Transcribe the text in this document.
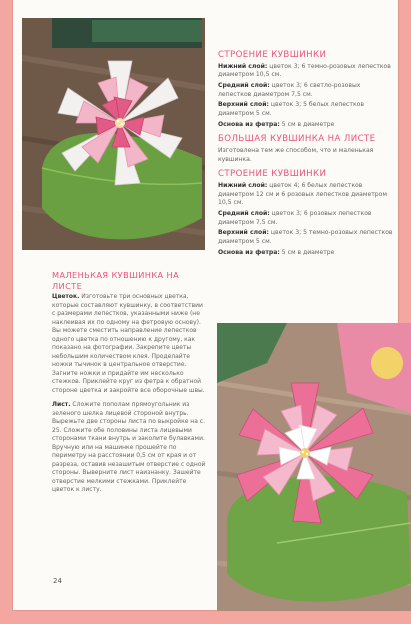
СТРОЕНИЕ КУВШИНКИ
Нижний слой: цветок 3; 6 темно-розовых лепестков диаметром 10,5 см.
Средний слой: цветок 3; 6 светло-розовых лепестков диаметром 7,5 см.
Верхний слой: цветок 3; 5 белых лепестков диаметром 5 см.
Основа из фетра: 5 см в диаметре
БОЛЬШАЯ КУВШИНКА НА ЛИСТЕ
Изготовлена тем же способом, что и маленькая кувшинка.
СТРОЕНИЕ КУВШИНКИ
Нижний слой: цветок 4; 6 белых лепестков диаметром 12 см и 6 розовых лепестков диаметром 10,5 см.
Средний слой: цветок 3; 6 розовых лепестков диаметром 7,5 см.
Верхний слой: цветок 3; 5 темно-розовых лепестков диаметром 5 см.
Основа из фетра: 5 см в диаметре
МАЛЕНЬКАЯ КУВШИНКА НА ЛИСТЕ
Цветок. Изготовьте три основных цветка, которые составляют кувшинку, в соответствии с размерами лепестков, указанными ниже (не наклеивая их по одному на фетровую основу). Вы можете сместить направление лепестков одного цветка по отношению к другому, как показано на фотографии. Закрепите цветы небольшим количеством клея. Проделайте ножки тычинок в центральное отверстие. Загните ножки и придайте им несколько стежков. Приклейте круг из фетра к обратной стороне цветка и закройте все оборочные швы.
Лист. Сложите пополам прямоугольник из зеленого шелка лицевой стороной внутрь. Вырежьте две стороны листа по выкройке на с. 25. Сложите обе половины листа лицевыми сторонами ткани внутрь и заколите булавками. Вручную или на машинке прошейте по периметру на расстоянии 0,5 см от края и от разреза, оставив незашитым отверстие с одной стороны. Выверните лист наизнанку. Зашейте отверстие мелкими стежками. Приклейте цветок к листу.
24
